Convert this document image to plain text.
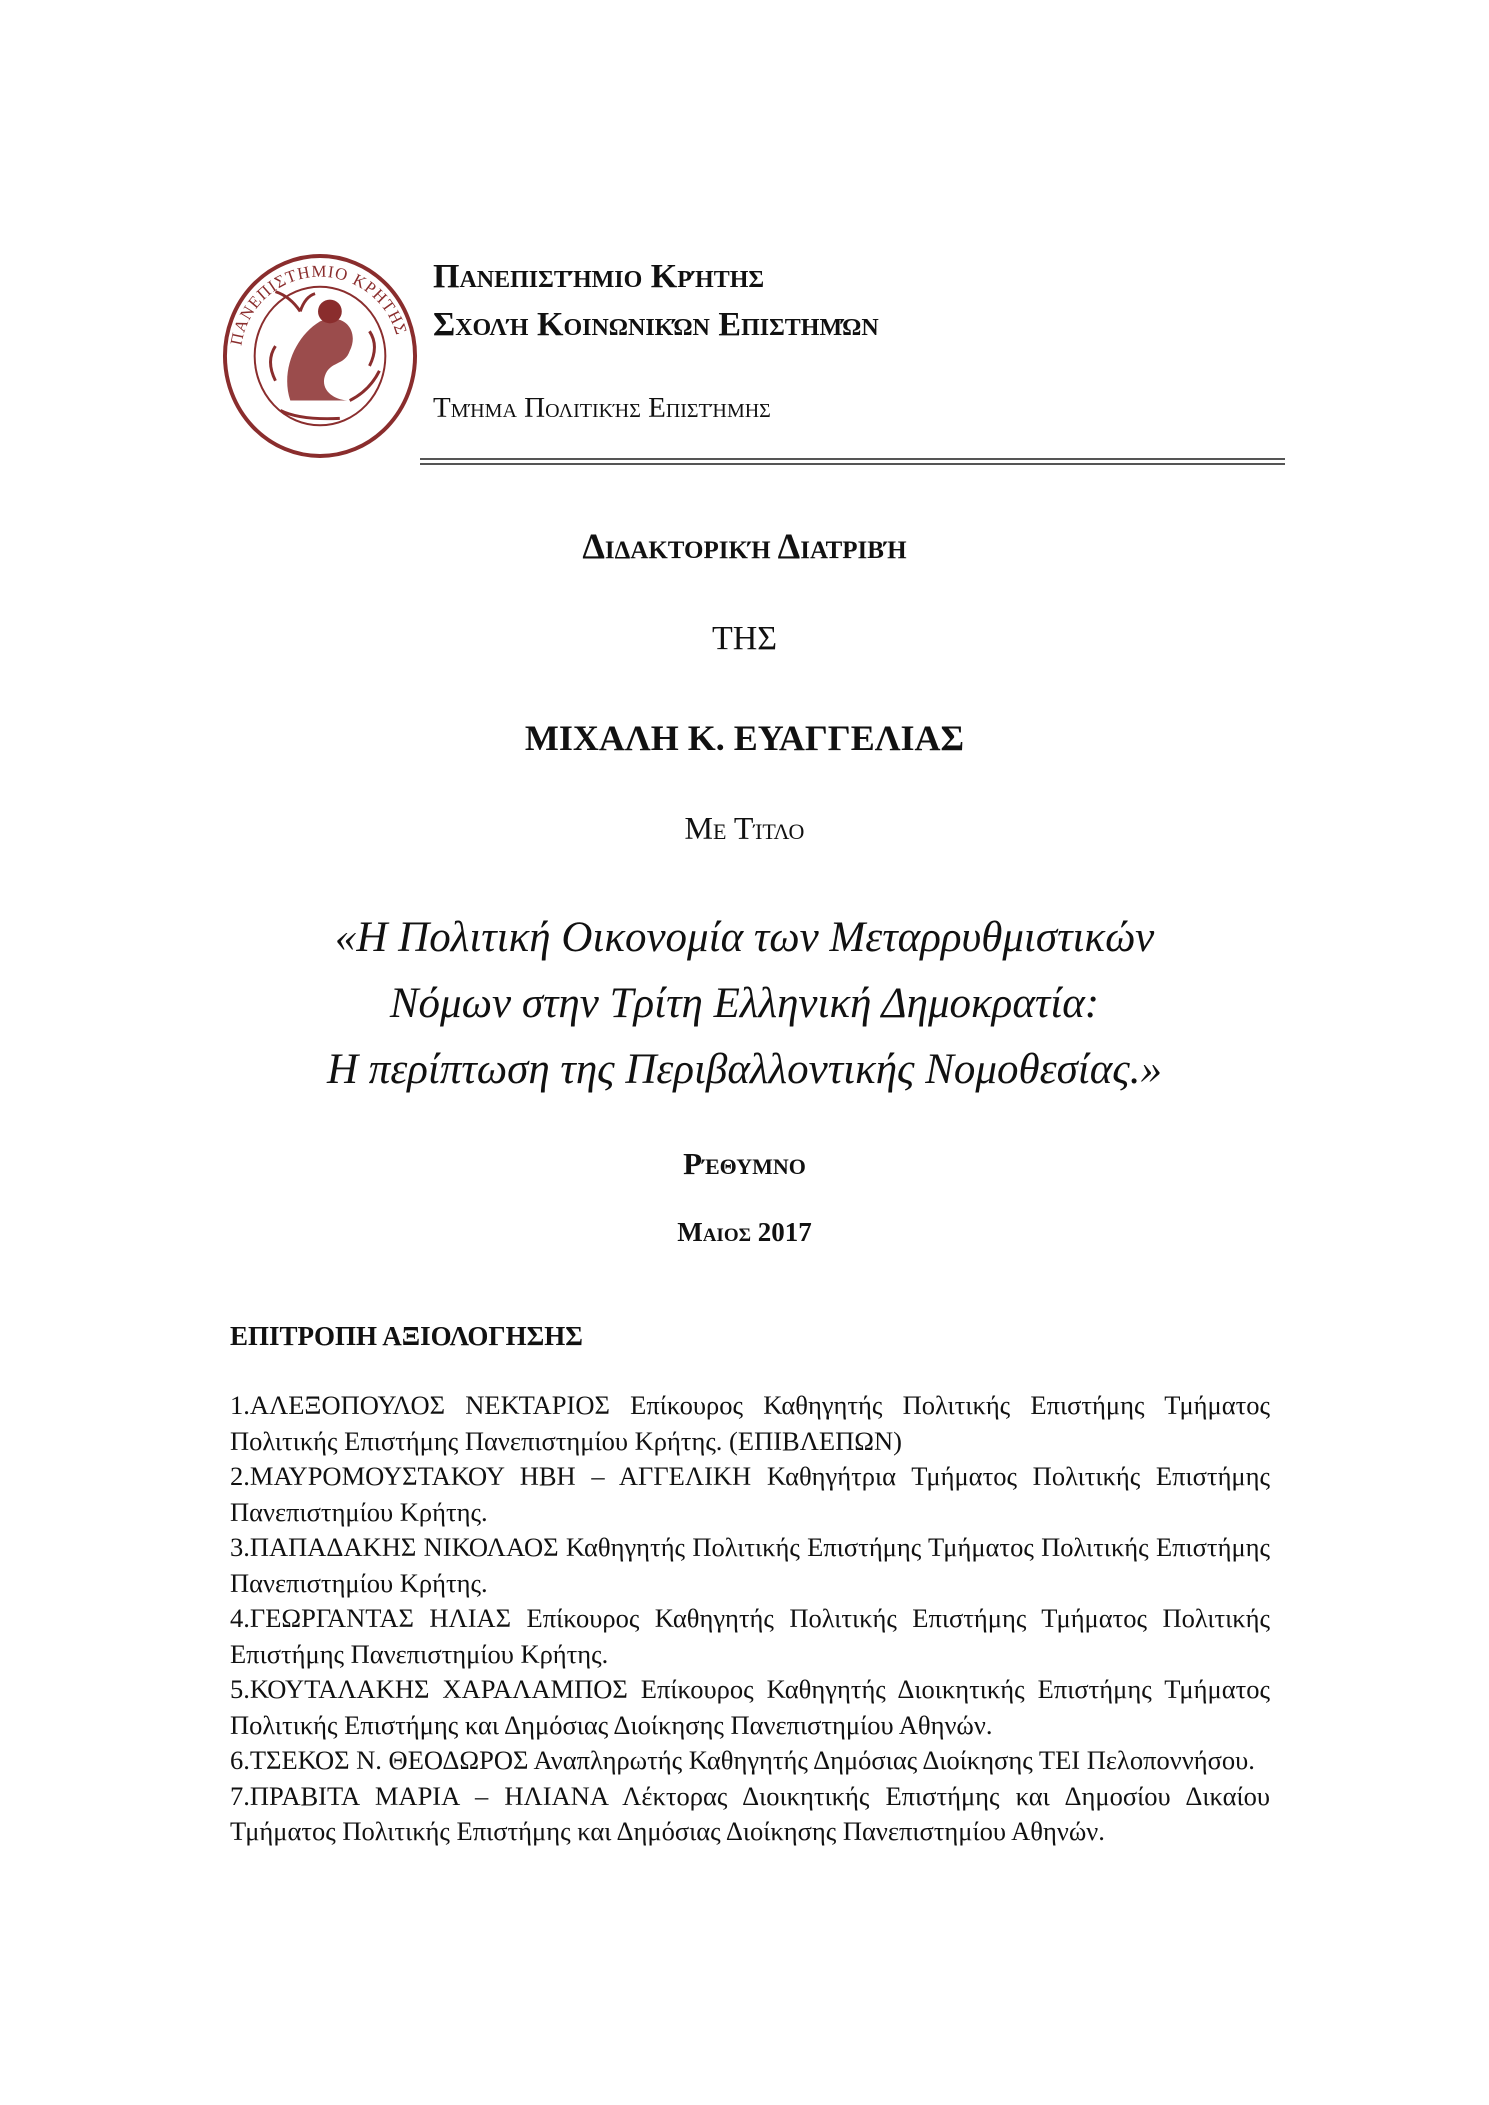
ΠΑΝΕΠΙΣΤΗΜΙΟ ΚΡΗΤΗΣ
Πανεπιστήμιο Κρήτης
Σχολή Κοινωνικών Επιστημών
Τμήμα Πολιτικής Επιστήμης
Διδακτορική Διατριβή
ΤΗΣ
ΜΙΧΑΛΗ Κ. ΕΥΑΓΓΕΛΙΑΣ
Με Τίτλο
«Η Πολιτική Οικονομία των Μεταρρυθμιστικών
Νόμων στην Τρίτη Ελληνική Δημοκρατία:
Η περίπτωση της Περιβαλλοντικής Νομοθεσίας.»
Ρέθυμνο
Μαιος 2017
ΕΠΙΤΡΟΠΗ ΑΞΙΟΛΟΓΗΣΗΣ

1.ΑΛΕΞΟΠΟΥΛΟΣ ΝΕΚΤΑΡΙΟΣ Επίκουρος Καθηγητής Πολιτικής Επιστήμης Τμήματος Πολιτικής Επιστήμης Πανεπιστημίου Κρήτης. (ΕΠΙΒΛΕΠΩΝ)

2.ΜΑΥΡΟΜΟΥΣΤΑΚΟΥ ΗΒΗ – ΑΓΓΕΛΙΚΗ Καθηγήτρια Τμήματος Πολιτικής Επιστήμης Πανεπιστημίου Κρήτης.

3.ΠΑΠΑΔΑΚΗΣ ΝΙΚΟΛΑΟΣ Καθηγητής Πολιτικής Επιστήμης Τμήματος Πολιτικής Επιστήμης Πανεπιστημίου Κρήτης.

4.ΓΕΩΡΓΑΝΤΑΣ ΗΛΙΑΣ Επίκουρος Καθηγητής Πολιτικής Επιστήμης Τμήματος Πολιτικής Επιστήμης Πανεπιστημίου Κρήτης.

5.ΚΟΥΤΑΛΑΚΗΣ ΧΑΡΑΛΑΜΠΟΣ Επίκουρος Καθηγητής Διοικητικής Επιστήμης Τμήματος Πολιτικής Επιστήμης και Δημόσιας Διοίκησης Πανεπιστημίου Αθηνών.

6.ΤΣΕΚΟΣ Ν. ΘΕΟΔΩΡΟΣ Αναπληρωτής Καθηγητής Δημόσιας Διοίκησης ΤΕΙ Πελοποννήσου.

7.ΠΡΑΒΙΤΑ ΜΑΡΙΑ – ΗΛΙΑΝΑ Λέκτορας Διοικητικής Επιστήμης και Δημοσίου Δικαίου Τμήματος Πολιτικής Επιστήμης και Δημόσιας Διοίκησης Πανεπιστημίου Αθηνών.
